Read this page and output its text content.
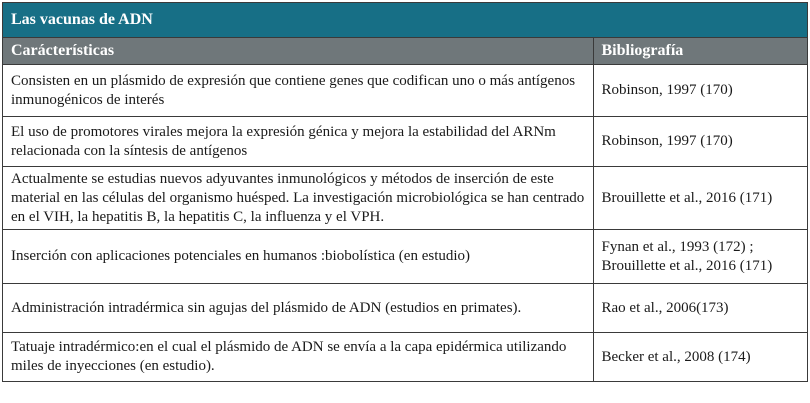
Las vacunas de ADN
Carácterísticas	Bibliografía
Consisten en un plásmido de expresión que contiene genes que codifican uno o más antígenos inmunogénicos de interés	Robinson, 1997 (170)
El uso de promotores virales mejora la expresión génica y mejora la estabilidad del ARNm relacionada con la síntesis de antígenos	Robinson, 1997 (170)
Actualmente se estudias nuevos adyuvantes inmunológicos y métodos de inserción de este material en las células del organismo huésped. La investigación microbiológica se han centrado en el VIH, la hepatitis B, la hepatitis C, la influenza y el VPH.	Brouillette et al., 2016 (171)
Inserción con aplicaciones potenciales en humanos :biobolística (en estudio)	Fynan et al., 1993 (172) ; Brouillette et al., 2016 (171)
Administración intradérmica sin agujas del plásmido de ADN (estudios en primates).	Rao et al., 2006(173)
Tatuaje intradérmico:en el cual el plásmido de ADN se envía a la capa epidérmica utilizando miles de inyecciones (en estudio).	Becker et al., 2008 (174)
